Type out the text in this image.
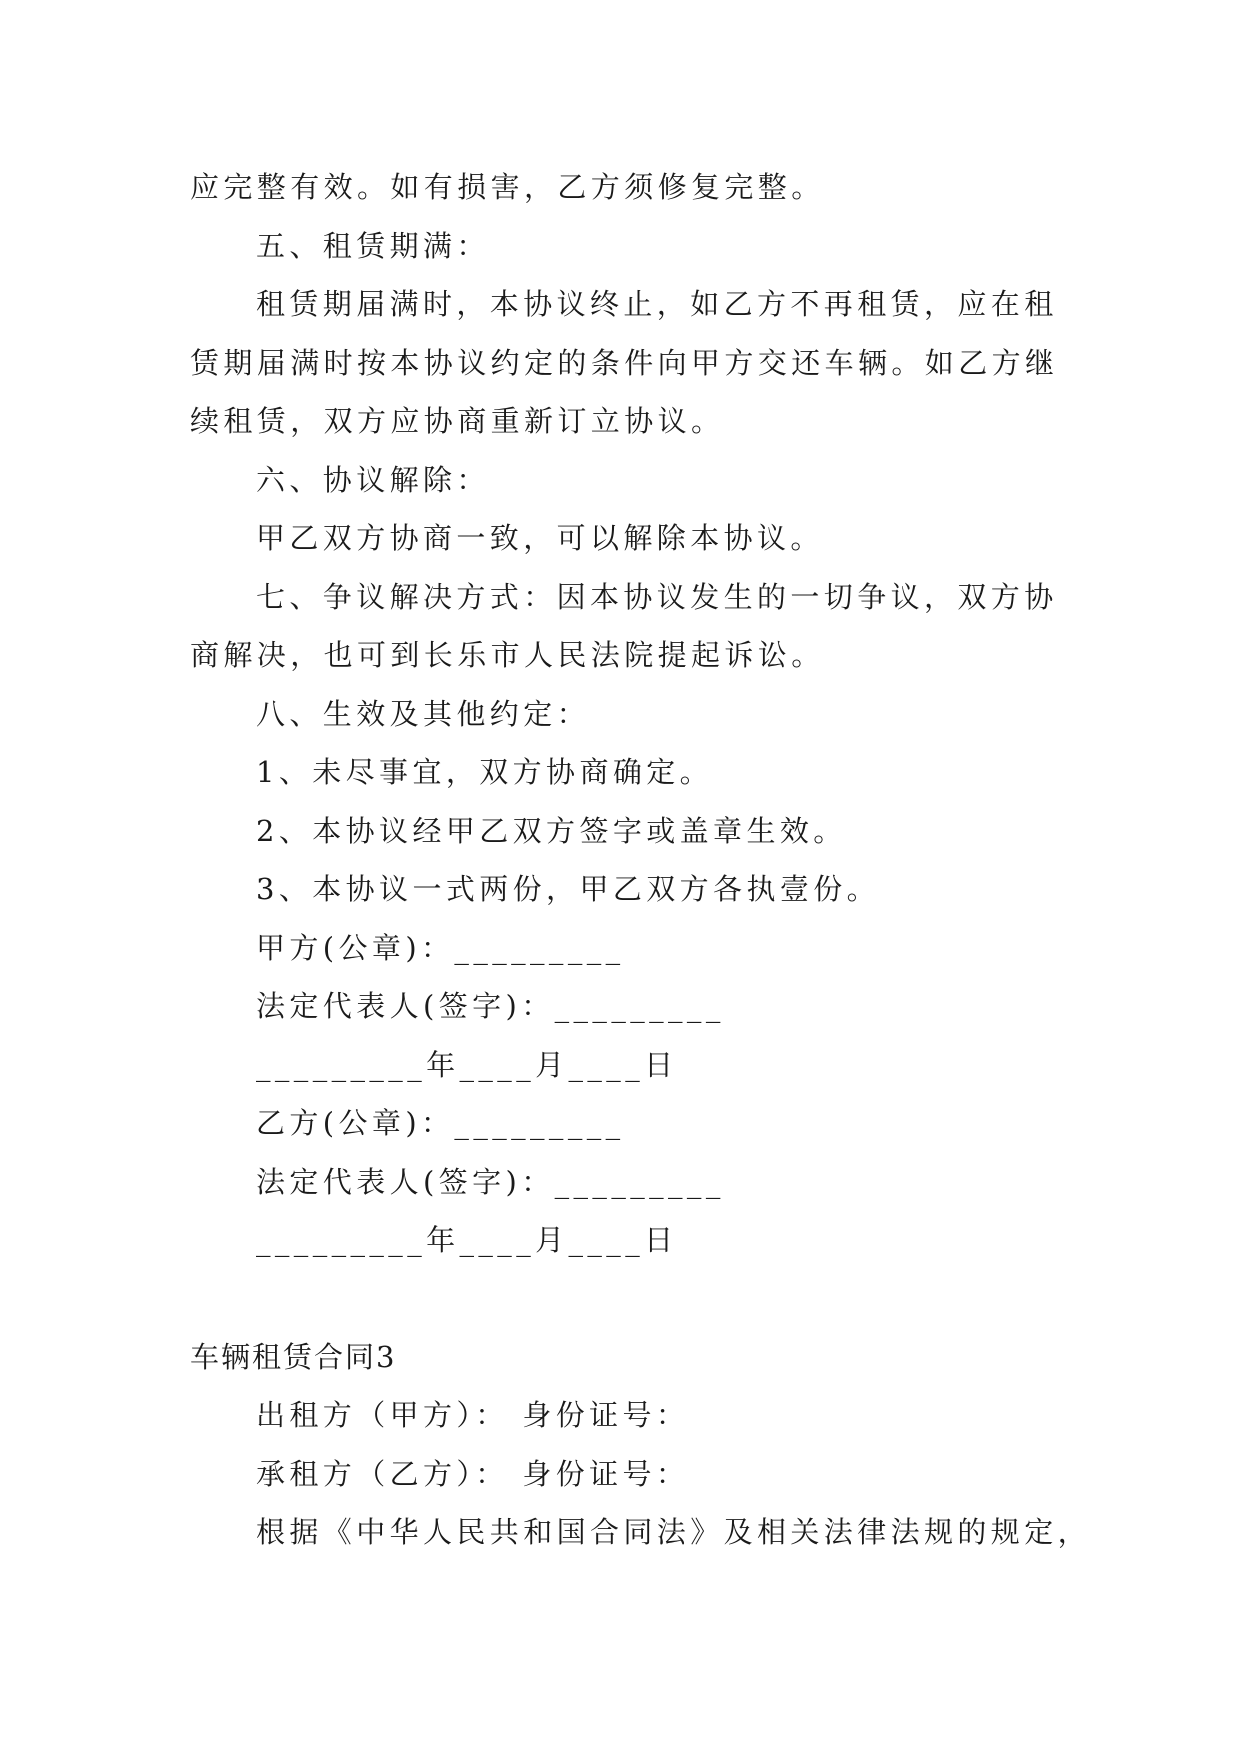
应完整有效。如有损害，乙方须修复完整。
五、租赁期满：
租赁期届满时，本协议终止，如乙方不再租赁，应在租
赁期届满时按本协议约定的条件向甲方交还车辆。如乙方继
续租赁，双方应协商重新订立协议。
六、协议解除：
甲乙双方协商一致，可以解除本协议。
七、争议解决方式：因本协议发生的一切争议，双方协
商解决，也可到长乐市人民法院提起诉讼。
八、生效及其他约定：
1、未尽事宜，双方协商确定。
2、本协议经甲乙双方签字或盖章生效。
3、本协议一式两份，甲乙双方各执壹份。
甲方(公章)：_________
法定代表人(签字)：_________
_________年____月____日
乙方(公章)：_________
法定代表人(签字)：_________
_________年____月____日
车辆租赁合同3
出租方（甲方）： 身份证号：
承租方（乙方）： 身份证号：
根据《中华人民共和国合同法》及相关法律法规的规定，
